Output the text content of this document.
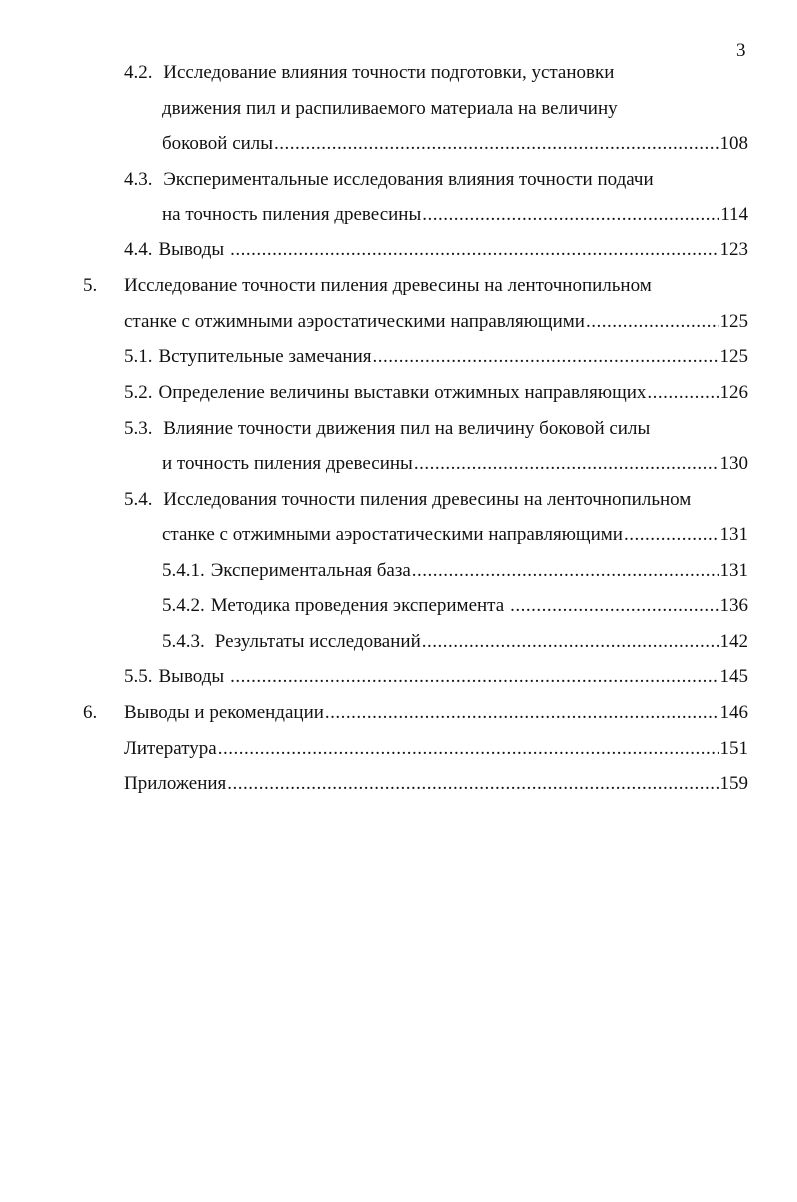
3
4.2. Исследование влияния точности подготовки, установки
движения пил и распиливаемого материала на величину
боковой силы .....	108
4.3. Экспериментальные исследования влияния точности подачи
на точность пиления древесины .....	114
4.4. Выводы .....	123
5. Исследование точности пиления древесины на ленточнопильном
станке с отжимными аэростатическими направляющими .....	125
5.1. Вступительные замечания .....	125
5.2. Определение величины выставки отжимных направляющих .....	126
5.3. Влияние точности движения пил на величину боковой силы
и точность пиления древесины .....	130
5.4. Исследования точности пиления древесины на ленточнопильном
станке с отжимными аэростатическими направляющими .....	131
5.4.1. Экспериментальная база .....	131
5.4.2. Методика проведения эксперимента .....	136
5.4.3. Результаты исследований .....	142
5.5. Выводы .....	145
6. Выводы и рекомендации .....	146
Литература .....	151
Приложения .....	159
